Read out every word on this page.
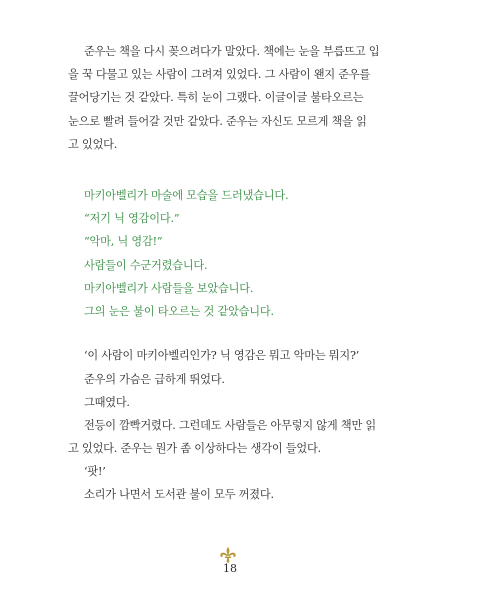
준우는 책을 다시 꽂으려다가 말았다. 책에는 눈을 부릅뜨고 입
을 꾹 다물고 있는 사람이 그려져 있었다. 그 사람이 왠지 준우를
끌어당기는 것 같았다. 특히 눈이 그랬다. 이글이글 불타오르는
눈으로 빨려 들어갈 것만 같았다. 준우는 자신도 모르게 책을 읽
고 있었다.
마키아벨리가 마술에 모습을 드러냈습니다.
“저기 닉 영감이다.”
“악마, 닉 영감!”
사람들이 수군거렸습니다.
마키아벨리가 사람들을 보았습니다.
그의 눈은 불이 타오르는 것 같았습니다.
‘이 사람이 마키아벨리인가? 닉 영감은 뭐고 악마는 뭐지?’
준우의 가슴은 급하게 뛰었다.
그때였다.
전등이 깜빡거렸다. 그런데도 사람들은 아무렇지 않게 책만 읽
고 있었다. 준우는 뭔가 좀 이상하다는 생각이 들었다.
‘팟!’
소리가 나면서 도서관 불이 모두 꺼졌다.
18
